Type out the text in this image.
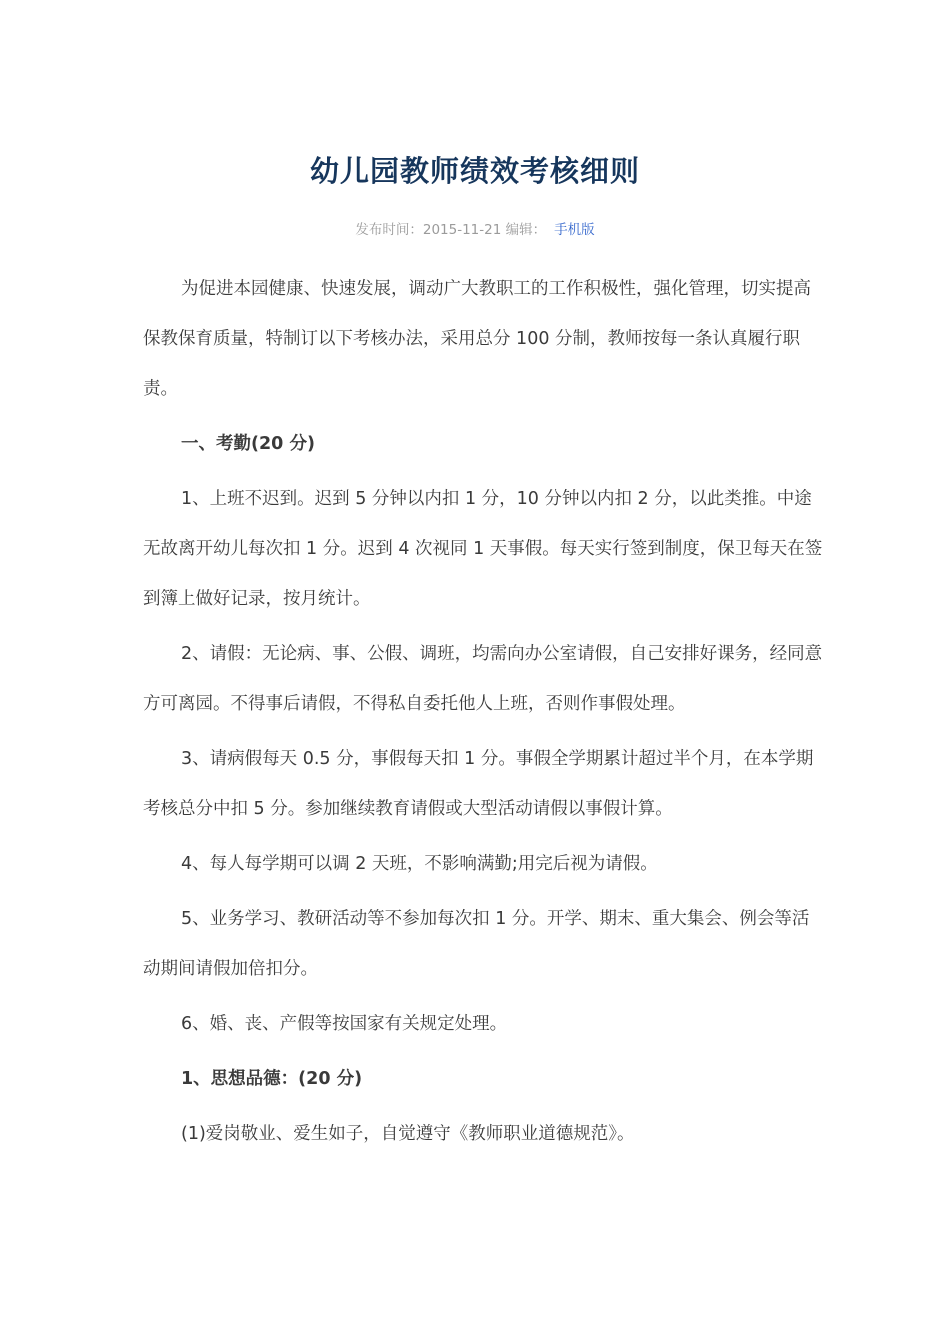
幼儿园教师绩效考核细则
发布时间：2015-11-21 编辑： 手机版

为促进本园健康、快速发展，调动广大教职工的工作积极性，强化管理，切实提高保教保育质量，特制订以下考核办法，采用总分 100 分制，教师按每一条认真履行职责。

一、考勤(20 分)

1、上班不迟到。迟到 5 分钟以内扣 1 分，10 分钟以内扣 2 分，以此类推。中途无故离开幼儿每次扣 1 分。迟到 4 次视同 1 天事假。每天实行签到制度，保卫每天在签到簿上做好记录，按月统计。

2、请假：无论病、事、公假、调班，均需向办公室请假，自己安排好课务，经同意方可离园。不得事后请假，不得私自委托他人上班，否则作事假处理。

3、请病假每天 0.5 分，事假每天扣 1 分。事假全学期累计超过半个月，在本学期考核总分中扣 5 分。参加继续教育请假或大型活动请假以事假计算。

4、每人每学期可以调 2 天班，不影响满勤;用完后视为请假。

5、业务学习、教研活动等不参加每次扣 1 分。开学、期末、重大集会、例会等活动期间请假加倍扣分。

6、婚、丧、产假等按国家有关规定处理。

1、思想品德：(20 分)

(1)爱岗敬业、爱生如子，自觉遵守《教师职业道德规范》。
